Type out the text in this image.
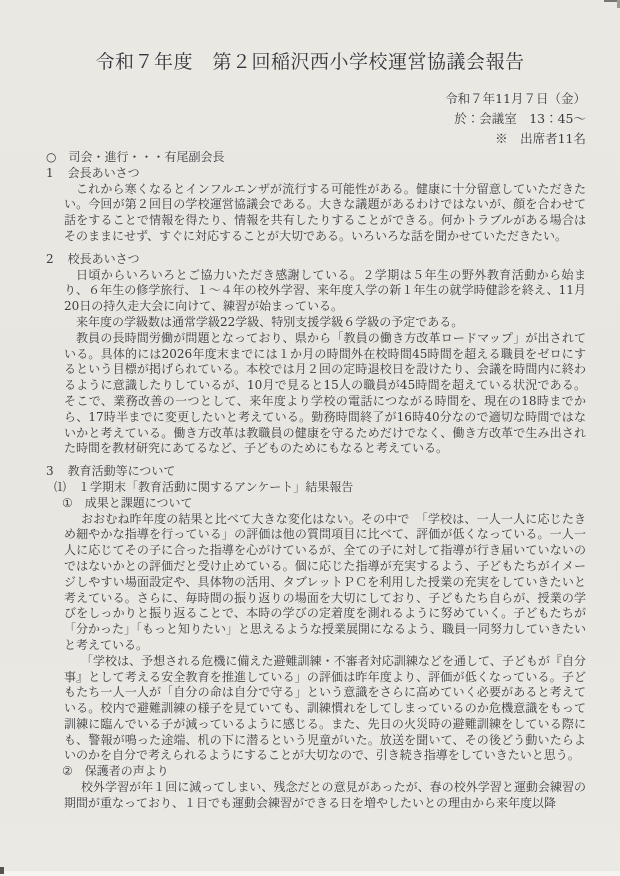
令和７年度　第２回稲沢西小学校運営協議会報告
令和７年11月７日（金）
於：会議室　13：45～
※　出席者11名
○ 司会・進行・・・有尾副会長
1 会長あいさつ

これから寒くなるとインフルエンザが流行する可能性がある。健康に十分留意していただきたい。今回が第２回目の学校運営協議会である。大きな議題があるわけではないが、顔を合わせて話をすることで情報を得たり、情報を共有したりすることができる。何かトラブルがある場合はそのままにせず、すぐに対応することが大切である。いろいろな話を聞かせていただきたい。

2 校長あいさつ

日頃からいろいろとご協力いただき感謝している。２学期は５年生の野外教育活動から始まり、６年生の修学旅行、１～４年の校外学習、来年度入学の新１年生の就学時健診を終え、11月20日の持久走大会に向けて、練習が始まっている。

来年度の学級数は通常学級22学級、特別支援学級６学級の予定である。

教員の長時間労働が問題となっており、県から「教員の働き方改革ロードマップ」が出されている。具体的には2026年度末までには１か月の時間外在校時間45時間を超える職員をゼロにするという目標が掲げられている。本校では月２回の定時退校日を設けたり、会議を時間内に終わるように意識したりしているが、10月で見ると15人の職員が45時間を超えている状況である。そこで、業務改善の一つとして、来年度より学校の電話につながる時間を、現在の18時までから、17時半までに変更したいと考えている。勤務時間終了が16時40分なので適切な時間ではないかと考えている。働き方改革は教職員の健康を守るためだけでなく、働き方改革で生み出された時間を教材研究にあてるなど、子どものためにもなると考えている。

3 教育活動等について
⑴ １学期末「教育活動に関するアンケート」結果報告
① 成果と課題について

おおむね昨年度の結果と比べて大きな変化はない。その中で　「学校は、一人一人に応じたきめ細やかな指導を行っている」の評価は他の質問項目に比べて、評価が低くなっている。一人一人に応じてその子に合った指導を心がけているが、全ての子に対して指導が行き届いていないのではないかとの評価だと受け止めている。個に応じた指導が充実するよう、子どもたちがイメージしやすい場面設定や、具体物の活用、タブレットＰＣを利用した授業の充実をしていきたいと考えている。さらに、毎時間の振り返りの場面を大切にしており、子どもたち自らが、授業の学びをしっかりと振り返ることで、本時の学びの定着度を測れるように努めていく。子どもたちが「分かった」「もっと知りたい」と思えるような授業展開になるよう、職員一同努力していきたいと考えている。

「学校は、予想される危機に備えた避難訓練・不審者対応訓練などを通して、子どもが『自分事』として考える安全教育を推進している」の評価は昨年度より、評価が低くなっている。子どもたち一人一人が「自分の命は自分で守る」という意識をさらに高めていく必要があると考えている。校内で避難訓練の様子を見ていても、訓練慣れをしてしまっているのか危機意識をもって訓練に臨んでいる子が減っているように感じる。また、先日の火災時の避難訓練をしている際にも、警報が鳴った途端、机の下に潜るという児童がいた。放送を聞いて、その後どう動いたらよいのかを自分で考えられるようにすることが大切なので、引き続き指導をしていきたいと思う。

② 保護者の声より

校外学習が年１回に減ってしまい、残念だとの意見があったが、春の校外学習と運動会練習の期間が重なっており、１日でも運動会練習ができる日を増やしたいとの理由から来年度以降
